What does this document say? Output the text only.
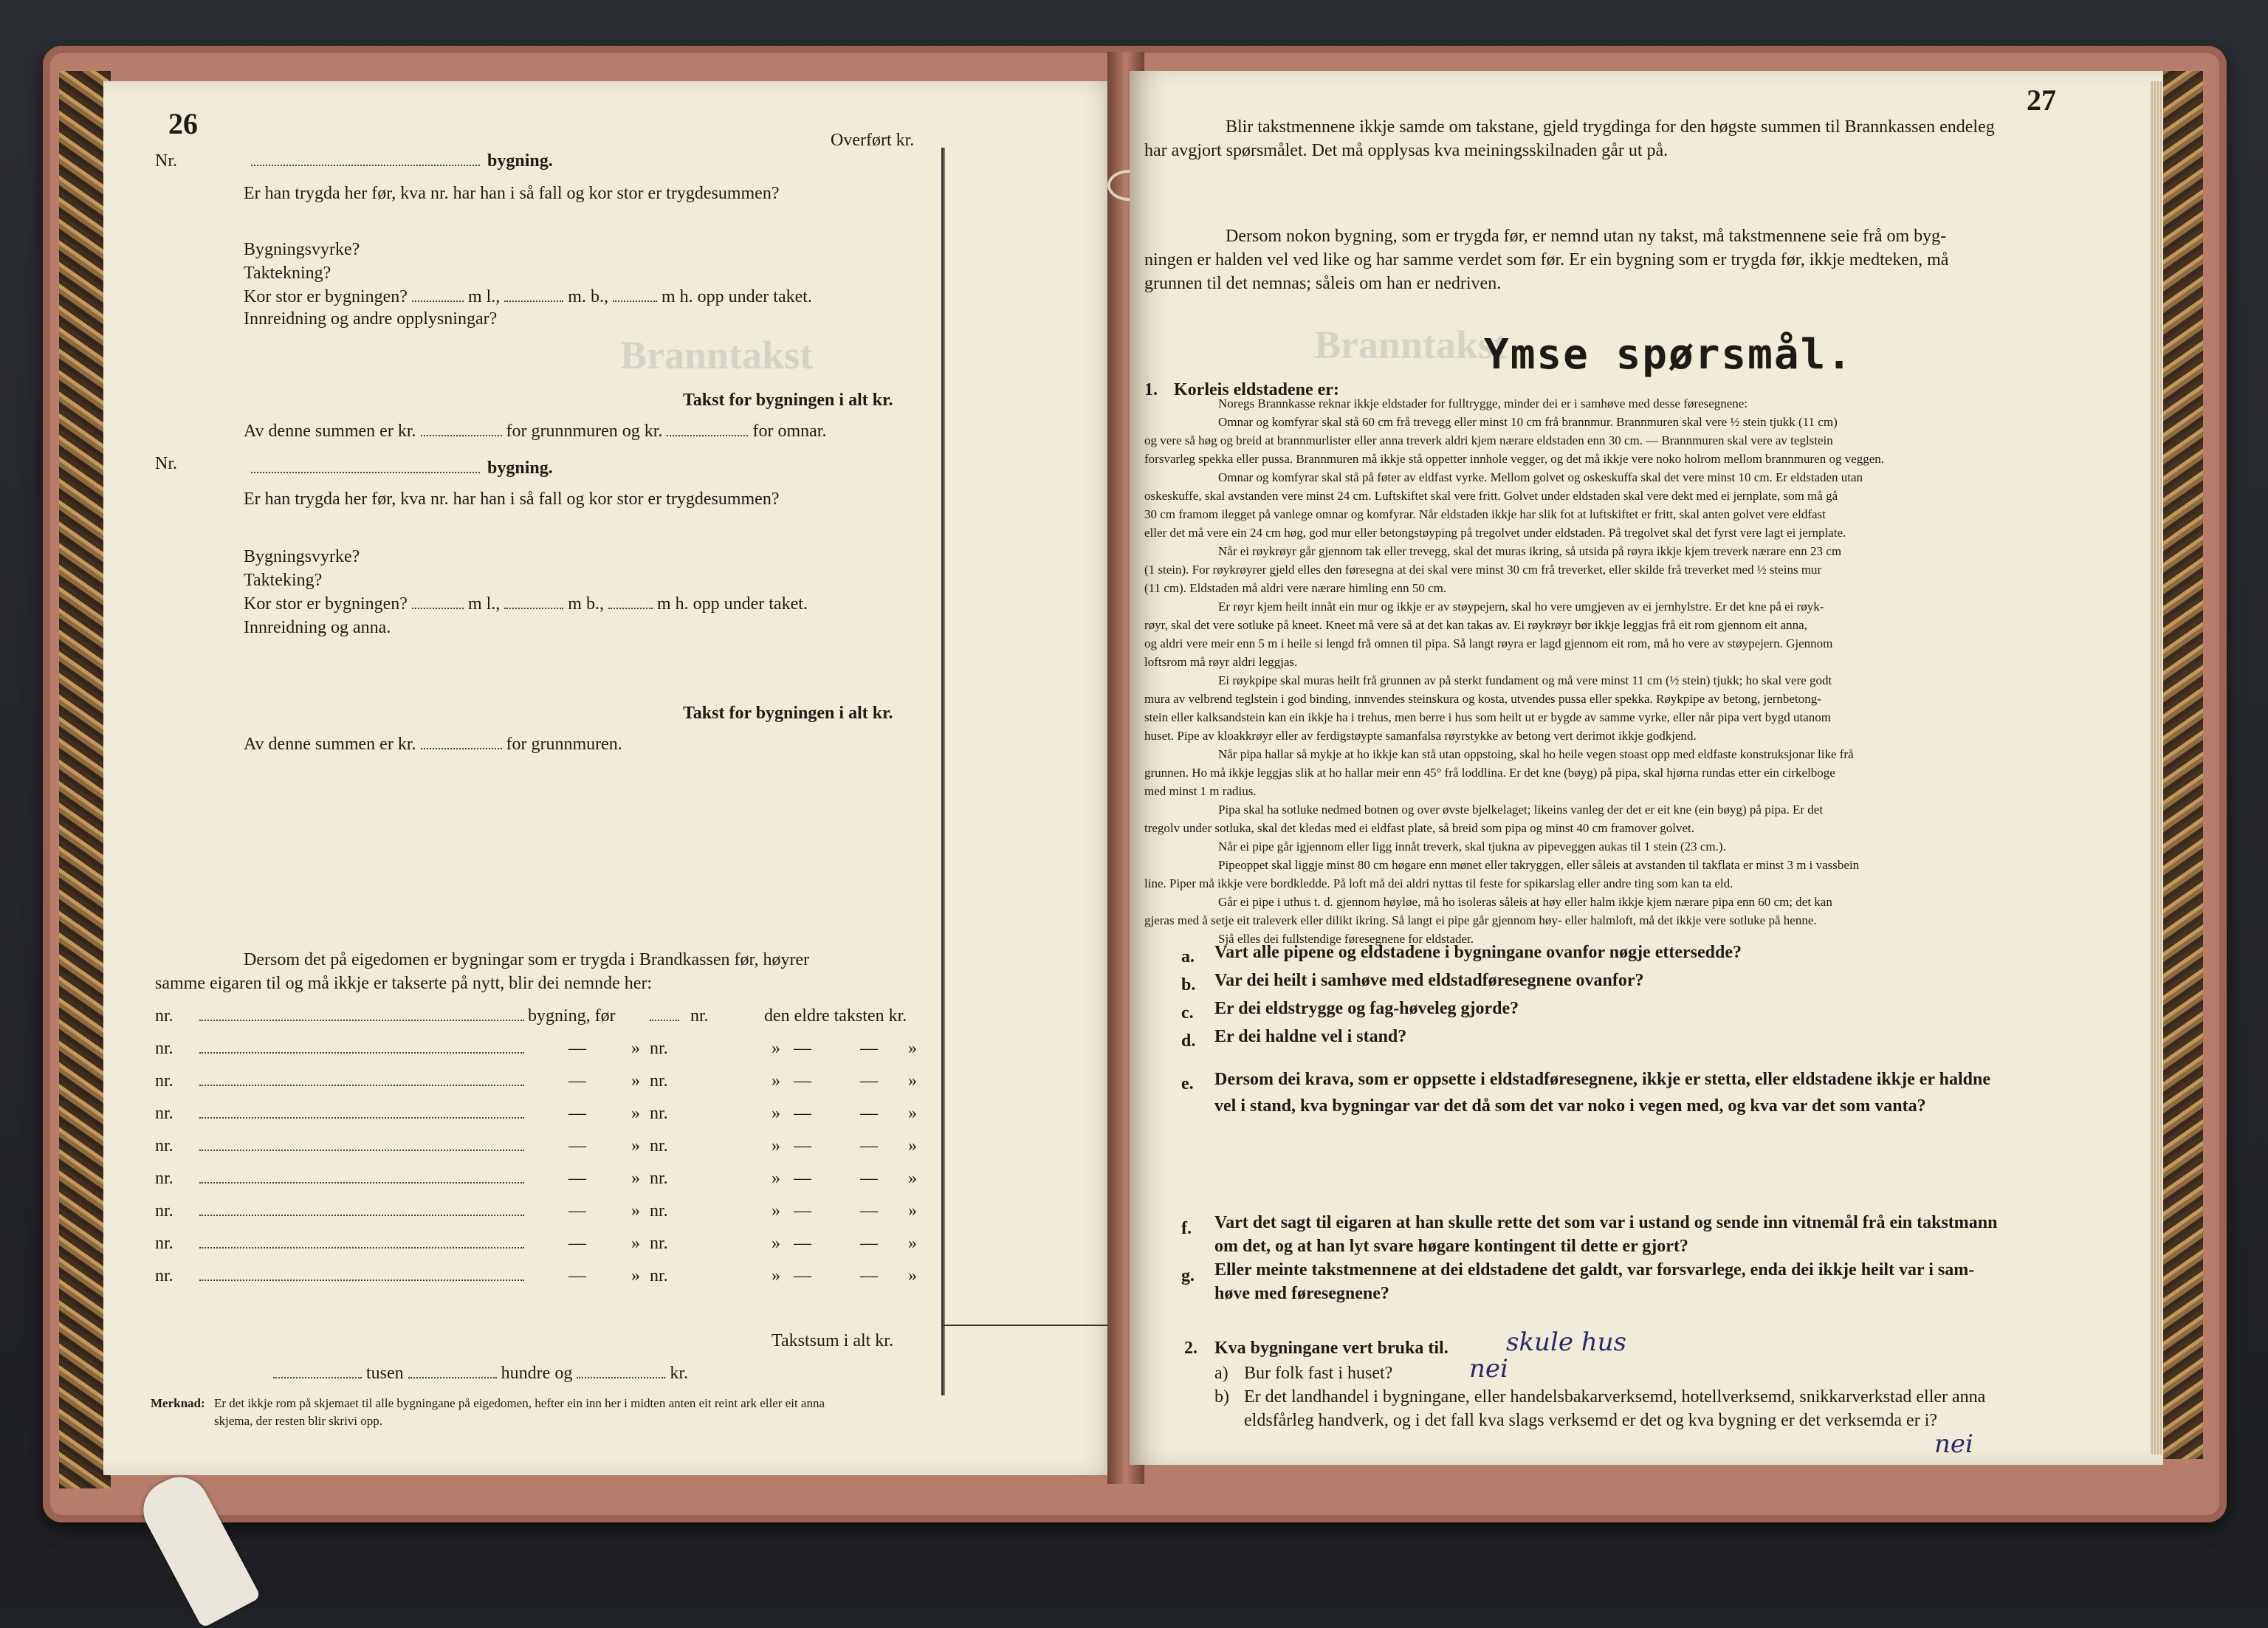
Branntakst
26	Overført kr.
Nr.	bygning.
Er han trygda her før, kva nr. har han i så fall og kor stor er trygdesummen?
Bygningsvyrke?
Taktekning?
Kor stor er bygningen?	m l.,	m. b.,	m h. opp under taket.
Innreidning og andre opplysningar?
Takst for bygningen i alt kr.
Av denne summen er kr.	for grunnmuren og kr.	for omnar.
Nr.	bygning.
Er han trygda her før, kva nr. har han i så fall og kor stor er trygdesummen?
Bygningsvyrke?
Takteking?
Kor stor er bygningen?	m l.,	m b.,	m h. opp under taket.
Innreidning og anna.
Takst for bygningen i alt kr.
Av denne summen er kr.	for grunnmuren.
Dersom det på eigedomen er bygningar som er trygda i Brandkassen før, høyrer
samme eigaren til og må ikkje er takserte på nytt, blir dei nemnde her:
Takstsum i alt kr.
tusen	hundre og	kr.
Merknad: Er det ikkje rom på skjemaet til alle bygningane på eigedomen, hefter ein inn her i midten anten eit reint ark eller eit anna
skjema, der resten blir skrivi opp.
nr.	bygning, før	nr.	den eldre taksten kr.
nr.	—	» nr.	» —	— »
nr.	—	» nr.	» —	— »
nr.	—	» nr.	» —	— »
nr.	—	» nr.	» —	— »
nr.	—	» nr.	» —	— »
nr.	—	» nr.	» —	— »
nr.	—	» nr.	» —	— »
nr.	—	» nr.	» —	— »
Branntakst
27
Blir takstmennene ikkje samde om takstane, gjeld trygdinga for den høgste summen til Brannkassen endeleg
har avgjort spørsmålet. Det må opplysas kva meiningsskilnaden går ut på.
Dersom nokon bygning, som er trygda før, er nemnd utan ny takst, må takstmennene seie frå om byg-
ningen er halden vel ved like og har samme verdet som før. Er ein bygning som er trygda før, ikkje medteken, må
grunnen til det nemnas; såleis om han er nedriven.
Ymse spørsmål.
1. Korleis eldstadene er:
f. Vart det sagt til eigaren at han skulle rette det som var i ustand og sende inn vitnemål frå ein takstmann
om det, og at han lyt svare høgare kontingent til dette er gjort?
g. Eller meinte takstmennene at dei eldstadene det galdt, var forsvarlege, enda dei ikkje heilt var i sam-
høve med føresegnene?
2. Kva bygningane vert bruka til. skule hus
a) Bur folk fast i huset?	nei
b) Er det landhandel i bygningane, eller handelsbakarverksemd, hotellverksemd, snikkarverkstad eller anna
eldsfårleg handverk, og i det fall kva slags verksemd er det og kva bygning er det verksemda er i?
nei
Noregs Brannkasse reknar ikkje eldstader for fulltrygge, minder dei er i samhøve med desse føresegnene:
Omnar og komfyrar skal stå 60 cm frå trevegg eller minst 10 cm frå brannmur. Brannmuren skal vere ½ stein tjukk (11 cm)
og vere så høg og breid at brannmurlister eller anna treverk aldri kjem nærare eldstaden enn 30 cm. — Brannmuren skal vere av teglstein
forsvarleg spekka eller pussa. Brannmuren må ikkje stå oppetter innhole vegger, og det må ikkje vere noko holrom mellom brannmuren og veggen.
Omnar og komfyrar skal stå på føter av eldfast vyrke. Mellom golvet og oskeskuffa skal det vere minst 10 cm. Er eldstaden utan
oskeskuffe, skal avstanden vere minst 24 cm. Luftskiftet skal vere fritt. Golvet under eldstaden skal vere dekt med ei jernplate, som må gå
30 cm framom ilegget på vanlege omnar og komfyrar. Når eldstaden ikkje har slik fot at luftskiftet er fritt, skal anten golvet vere eldfast
eller det må vere ein 24 cm høg, god mur eller betongstøyping på tregolvet under eldstaden. På tregolvet skal det fyrst vere lagt ei jernplate.
Når ei røykrøyr går gjennom tak eller trevegg, skal det muras ikring, så utsida på røyra ikkje kjem treverk nærare enn 23 cm
(1 stein). For røykrøyrer gjeld elles den føresegna at dei skal vere minst 30 cm frå treverket, eller skilde frå treverket med ½ steins mur
(11 cm). Eldstaden må aldri vere nærare himling enn 50 cm.
Er røyr kjem heilt innåt ein mur og ikkje er av støypejern, skal ho vere umgjeven av ei jernhylstre. Er det kne på ei røyk-
røyr, skal det vere sotluke på kneet. Kneet må vere så at det kan takas av. Ei røykrøyr bør ikkje leggjas frå eit rom gjennom eit anna,
og aldri vere meir enn 5 m i heile si lengd frå omnen til pipa. Så langt røyra er lagd gjennom eit rom, må ho vere av støypejern. Gjennom
loftsrom må røyr aldri leggjas.
Ei røykpipe skal muras heilt frå grunnen av på sterkt fundament og må vere minst 11 cm (½ stein) tjukk; ho skal vere godt
mura av velbrend teglstein i god binding, innvendes steinskura og kosta, utvendes pussa eller spekka. Røykpipe av betong, jernbetong-
stein eller kalksandstein kan ein ikkje ha i trehus, men berre i hus som heilt ut er bygde av samme vyrke, eller når pipa vert bygd utanom
huset. Pipe av kloakkrøyr eller av ferdigstøypte samanfalsa røyrstykke av betong vert derimot ikkje godkjend.
Når pipa hallar så mykje at ho ikkje kan stå utan oppstoing, skal ho heile vegen stoast opp med eldfaste konstruksjonar like frå
grunnen. Ho må ikkje leggjas slik at ho hallar meir enn 45° frå loddlina. Er det kne (bøyg) på pipa, skal hjørna rundas etter ein cirkelboge
med minst 1 m radius.
Pipa skal ha sotluke nedmed botnen og over øvste bjelkelaget; likeins vanleg der det er eit kne (ein bøyg) på pipa. Er det
tregolv under sotluka, skal det kledas med ei eldfast plate, så breid som pipa og minst 40 cm framover golvet.
Når ei pipe går igjennom eller ligg innåt treverk, skal tjukna av pipeveggen aukas til 1 stein (23 cm.).
Pipeoppet skal liggje minst 80 cm høgare enn mønet eller takryggen, eller såleis at avstanden til takflata er minst 3 m i vassbein
line. Piper må ikkje vere bordkledde. På loft må dei aldri nyttas til feste for spikarslag eller andre ting som kan ta eld.
Går ei pipe i uthus t. d. gjennom høyløe, må ho isoleras såleis at høy eller halm ikkje kjem nærare pipa enn 60 cm; det kan
gjeras med å setje eit traleverk eller dilikt ikring. Så langt ei pipe går gjennom høy- eller halmloft, må det ikkje vere sotluke på henne.
Sjå elles dei fullstendige føresegnene for eldstader.
a. Vart alle pipene og eldstadene i bygningane ovanfor nøgje ettersedde?
b. Var dei heilt i samhøve med eldstadføresegnene ovanfor?
c. Er dei eldstrygge og fag-høveleg gjorde?
d. Er dei haldne vel i stand?
e. Dersom dei krava, som er oppsette i eldstadføresegnene, ikkje er stetta, eller eldstadene ikkje er haldne
vel i stand, kva bygningar var det då som det var noko i vegen med, og kva var det som vanta?
